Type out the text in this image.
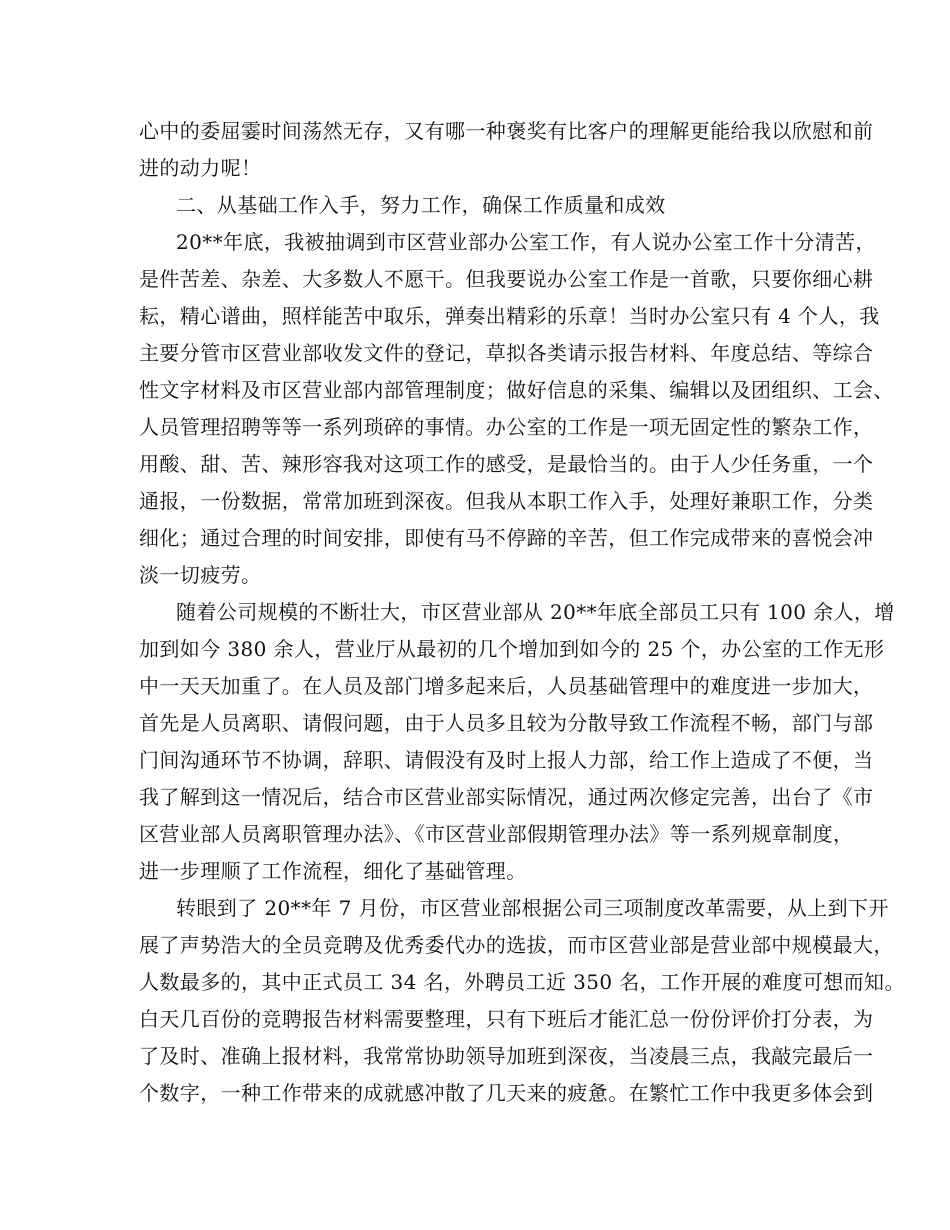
心中的委屈霎时间荡然无存，又有哪一种褒奖有比客户的理解更能给我以欣慰和前
进的动力呢！
二、从基础工作入手，努力工作，确保工作质量和成效
20**年底，我被抽调到市区营业部办公室工作，有人说办公室工作十分清苦，
是件苦差、杂差、大多数人不愿干。但我要说办公室工作是一首歌，只要你细心耕
耘，精心谱曲，照样能苦中取乐，弹奏出精彩的乐章！当时办公室只有 4 个人，我
主要分管市区营业部收发文件的登记，草拟各类请示报告材料、年度总结、等综合
性文字材料及市区营业部内部管理制度；做好信息的采集、编辑以及团组织、工会、
人员管理招聘等等一系列琐碎的事情。办公室的工作是一项无固定性的繁杂工作，
用酸、甜、苦、辣形容我对这项工作的感受，是最恰当的。由于人少任务重，一个
通报，一份数据，常常加班到深夜。但我从本职工作入手，处理好兼职工作，分类
细化；通过合理的时间安排，即使有马不停蹄的辛苦，但工作完成带来的喜悦会冲
淡一切疲劳。
随着公司规模的不断壮大，市区营业部从 20**年底全部员工只有 100 余人，增
加到如今 380 余人，营业厅从最初的几个增加到如今的 25 个，办公室的工作无形
中一天天加重了。在人员及部门增多起来后，人员基础管理中的难度进一步加大，
首先是人员离职、请假问题，由于人员多且较为分散导致工作流程不畅，部门与部
门间沟通环节不协调，辞职、请假没有及时上报人力部，给工作上造成了不便，当
我了解到这一情况后，结合市区营业部实际情况，通过两次修定完善，出台了《市
区营业部人员离职管理办法》、《市区营业部假期管理办法》等一系列规章制度，
进一步理顺了工作流程，细化了基础管理。
转眼到了 20**年 7 月份，市区营业部根据公司三项制度改革需要，从上到下开
展了声势浩大的全员竞聘及优秀委代办的选拔，而市区营业部是营业部中规模最大，
人数最多的，其中正式员工 34 名，外聘员工近 350 名，工作开展的难度可想而知。
白天几百份的竞聘报告材料需要整理，只有下班后才能汇总一份份评价打分表，为
了及时、准确上报材料，我常常协助领导加班到深夜，当凌晨三点，我敲完最后一
个数字，一种工作带来的成就感冲散了几天来的疲惫。在繁忙工作中我更多体会到
